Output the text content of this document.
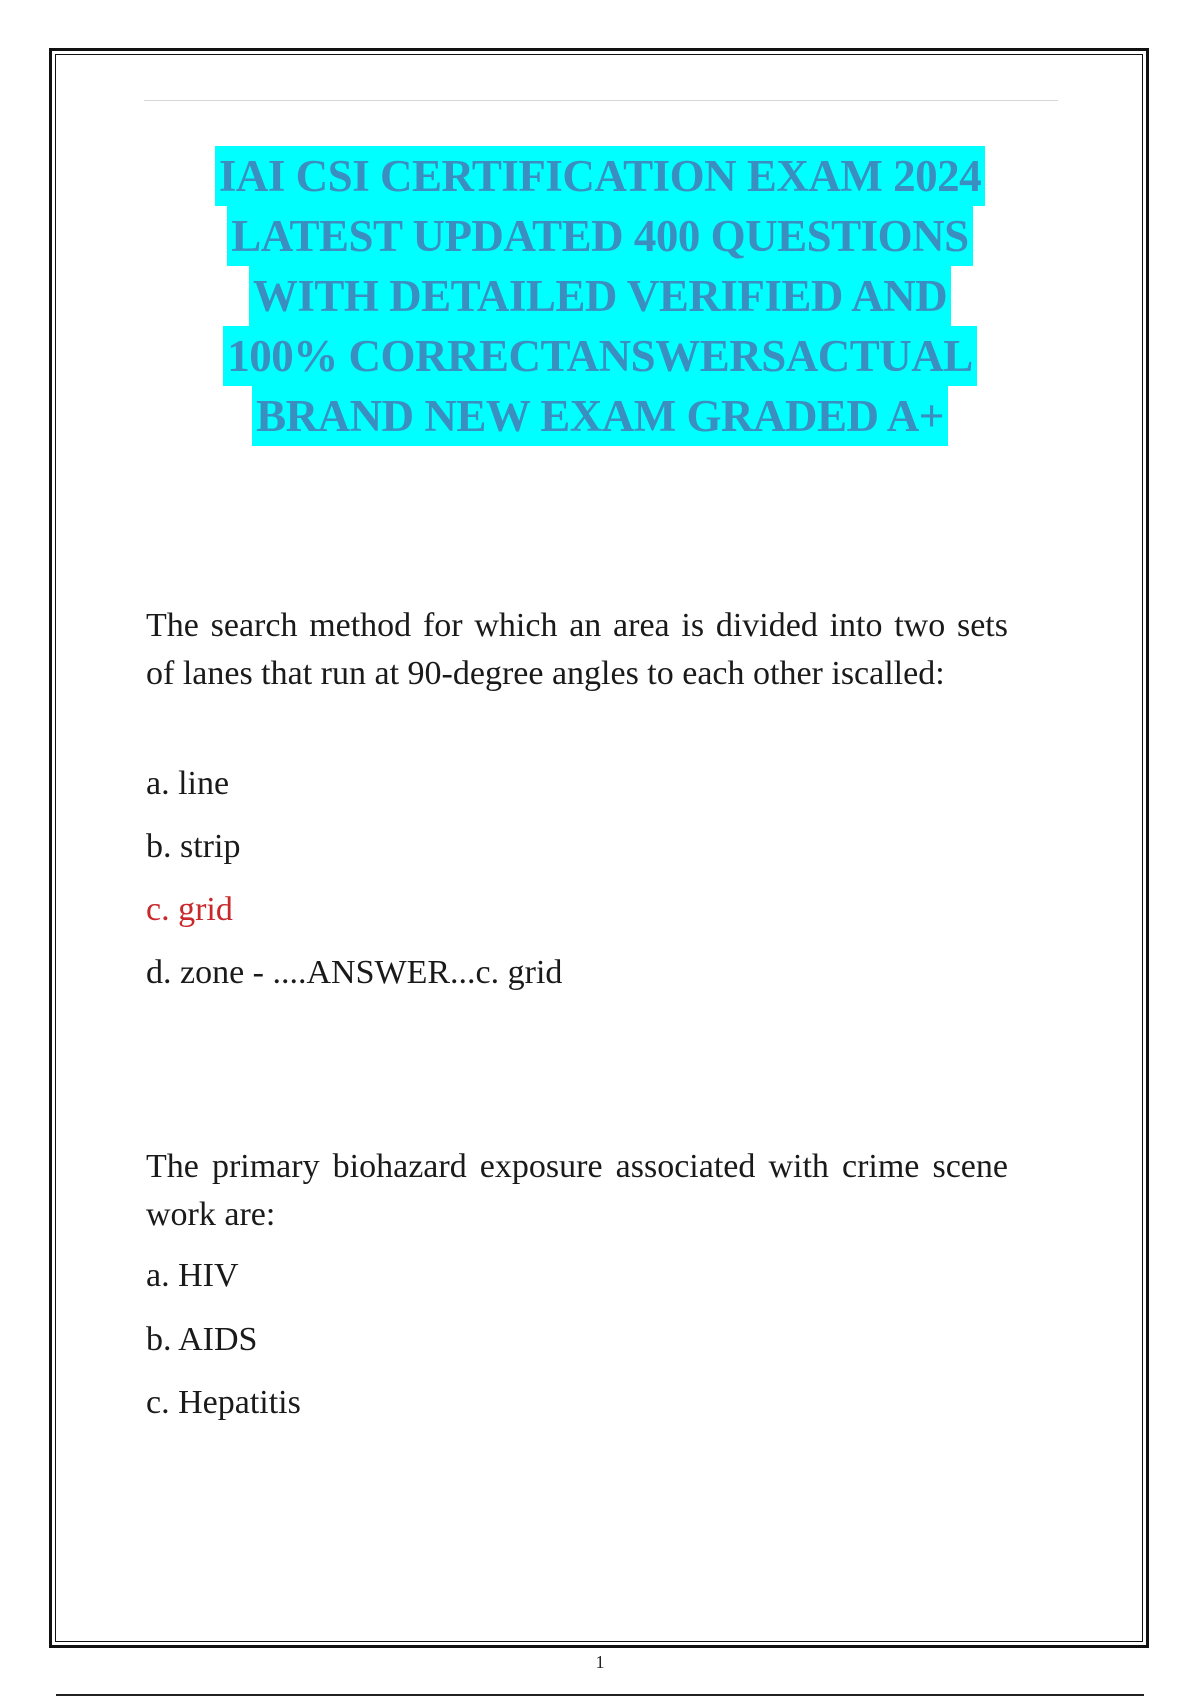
IAI CSI CERTIFICATION EXAM 2024
LATEST UPDATED 400 QUESTIONS
WITH DETAILED VERIFIED AND
100% CORRECTANSWERSACTUAL
BRAND NEW EXAM GRADED A+
The search method for which an area is divided into two sets of lanes that run at 90-degree angles to each other iscalled:
a. line
b. strip
c. grid
d. zone - ....ANSWER...c. grid
The primary biohazard exposure associated with crime scene work are:
a. HIV
b. AIDS
c. Hepatitis
1
